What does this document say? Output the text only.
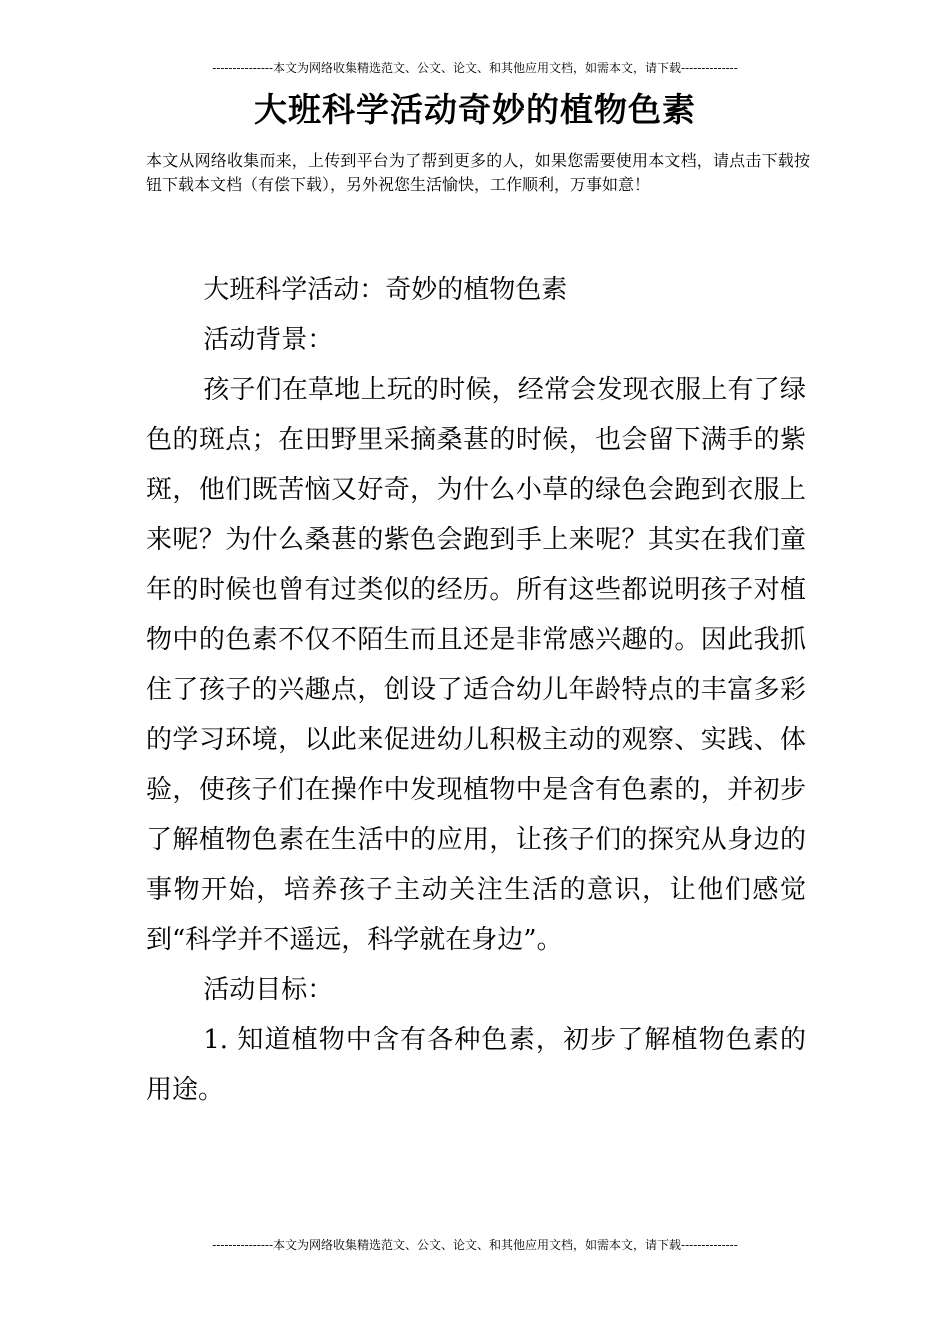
---------------本文为网络收集精选范文、公文、论文、和其他应用文档，如需本文，请下载--------------
大班科学活动奇妙的植物色素
本文从网络收集而来，上传到平台为了帮到更多的人，如果您需要使用本文档，请点击下载按钮下载本文档（有偿下载），另外祝您生活愉快，工作顺利，万事如意！

大班科学活动：奇妙的植物色素

活动背景：

孩子们在草地上玩的时候，经常会发现衣服上有了绿色的斑点；在田野里采摘桑葚的时候，也会留下满手的紫斑，他们既苦恼又好奇，为什么小草的绿色会跑到衣服上来呢？为什么桑葚的紫色会跑到手上来呢？其实在我们童年的时候也曾有过类似的经历。所有这些都说明孩子对植物中的色素不仅不陌生而且还是非常感兴趣的。因此我抓住了孩子的兴趣点，创设了适合幼儿年龄特点的丰富多彩的学习环境，以此来促进幼儿积极主动的观察、实践、体验，使孩子们在操作中发现植物中是含有色素的，并初步了解植物色素在生活中的应用，让孩子们的探究从身边的事物开始，培养孩子主动关注生活的意识，让他们感觉到“科学并不遥远，科学就在身边”。

活动目标：

1. 知道植物中含有各种色素，初步了解植物色素的用途。

---------------本文为网络收集精选范文、公文、论文、和其他应用文档，如需本文，请下载--------------
